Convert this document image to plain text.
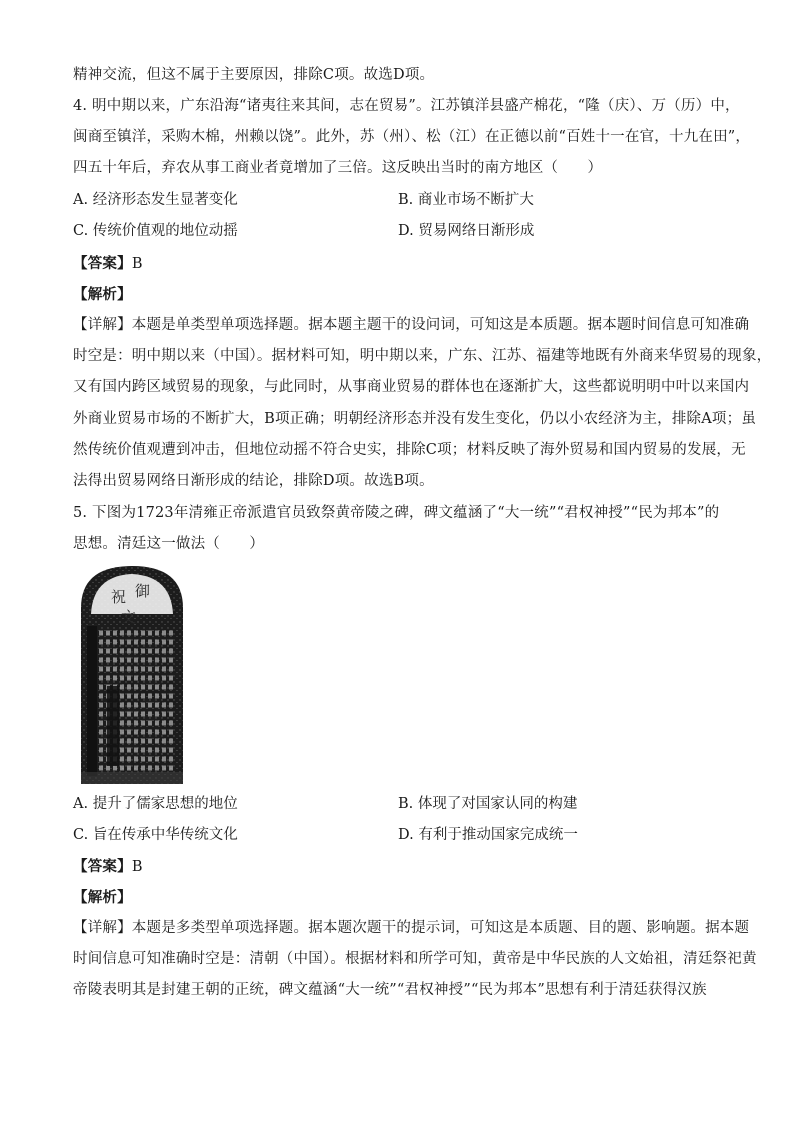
精神交流，但这不属于主要原因，排除C项。故选D项。
4. 明中期以来，广东沿海“诸夷往来其间，志在贸易”。江苏镇洋县盛产棉花，“隆（庆）、万（历）中，
闽商至镇洋，采购木棉，州赖以饶”。此外，苏（州）、松（江）在正德以前“百姓十一在官，十九在田”，
四五十年后，弃农从事工商业者竟增加了三倍。这反映出当时的南方地区（　　）
A. 经济形态发生显著变化	B. 商业市场不断扩大
C. 传统价值观的地位动摇	D. 贸易网络日渐形成
【答案】B
【解析】
【详解】本题是单类型单项选择题。据本题主题干的设问词，可知这是本质题。据本题时间信息可知准确
时空是：明中期以来（中国）。据材料可知，明中期以来，广东、江苏、福建等地既有外商来华贸易的现象，
又有国内跨区域贸易的现象，与此同时，从事商业贸易的群体也在逐渐扩大，这些都说明明中叶以来国内
外商业贸易市场的不断扩大，B项正确；明朝经济形态并没有发生变化，仍以小农经济为主，排除A项；虽
然传统价值观遭到冲击，但地位动摇不符合史实，排除C项；材料反映了海外贸易和国内贸易的发展，无
法得出贸易网络日渐形成的结论，排除D项。故选B项。
5. 下图为1723年清雍正帝派遣官员致祭黄帝陵之碑，碑文蕴涵了“大一统”“君权神授”“民为邦本”的
思想。清廷这一做法（　　）
祝 御
文
A. 提升了儒家思想的地位	B. 体现了对国家认同的构建
C. 旨在传承中华传统文化	D. 有利于推动国家完成统一
【答案】B
【解析】
【详解】本题是多类型单项选择题。据本题次题干的提示词，可知这是本质题、目的题、影响题。据本题
时间信息可知准确时空是：清朝（中国）。根据材料和所学可知，黄帝是中华民族的人文始祖，清廷祭祀黄
帝陵表明其是封建王朝的正统，碑文蕴涵“大一统”“君权神授”“民为邦本”思想有利于清廷获得汉族
